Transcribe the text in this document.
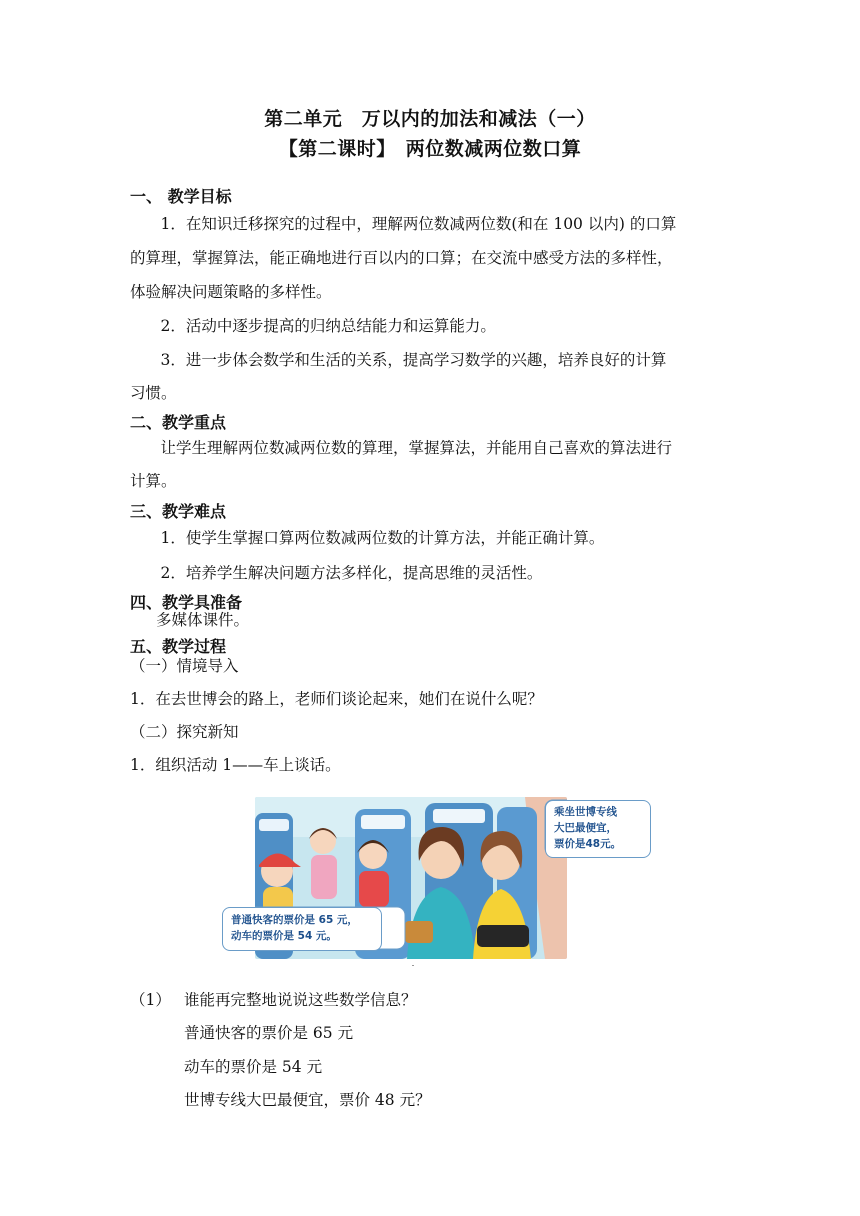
第二单元　万以内的加法和减法（一）
【第二课时】　两位数减两位数口算
一、 教学目标
　1．在知识迁移探究的过程中，理解两位数减两位数(和在 100 以内) 的口算
的算理，掌握算法，能正确地进行百以内的口算；在交流中感受方法的多样性，
体验解决问题策略的多样性。
　2．活动中逐步提高的归纳总结能力和运算能力。
　3．进一步体会数学和生活的关系，提高学习数学的兴趣，培养良好的计算
习惯。
二、教学重点
　让学生理解两位数减两位数的算理，掌握算法，并能用自己喜欢的算法进行
计算。
三、教学难点
　1．使学生掌握口算两位数减两位数的计算方法，并能正确计算。
　2．培养学生解决问题方法多样化，提高思维的灵活性。
四、教学具准备
多媒体课件。
五、教学过程
（一）情境导入
1．在去世博会的路上，老师们谈论起来，她们在说什么呢？
（二）探究新知
1．组织活动 1——车上谈话。
乘坐世博专线
大巴最便宜，
票价是48元。
普通快客的票价是 65 元，
动车的票价是 54 元。
（1） 谁能再完整地说说这些数学信息？
普通快客的票价是 65 元
动车的票价是 54 元
世博专线大巴最便宜，票价 48 元？
